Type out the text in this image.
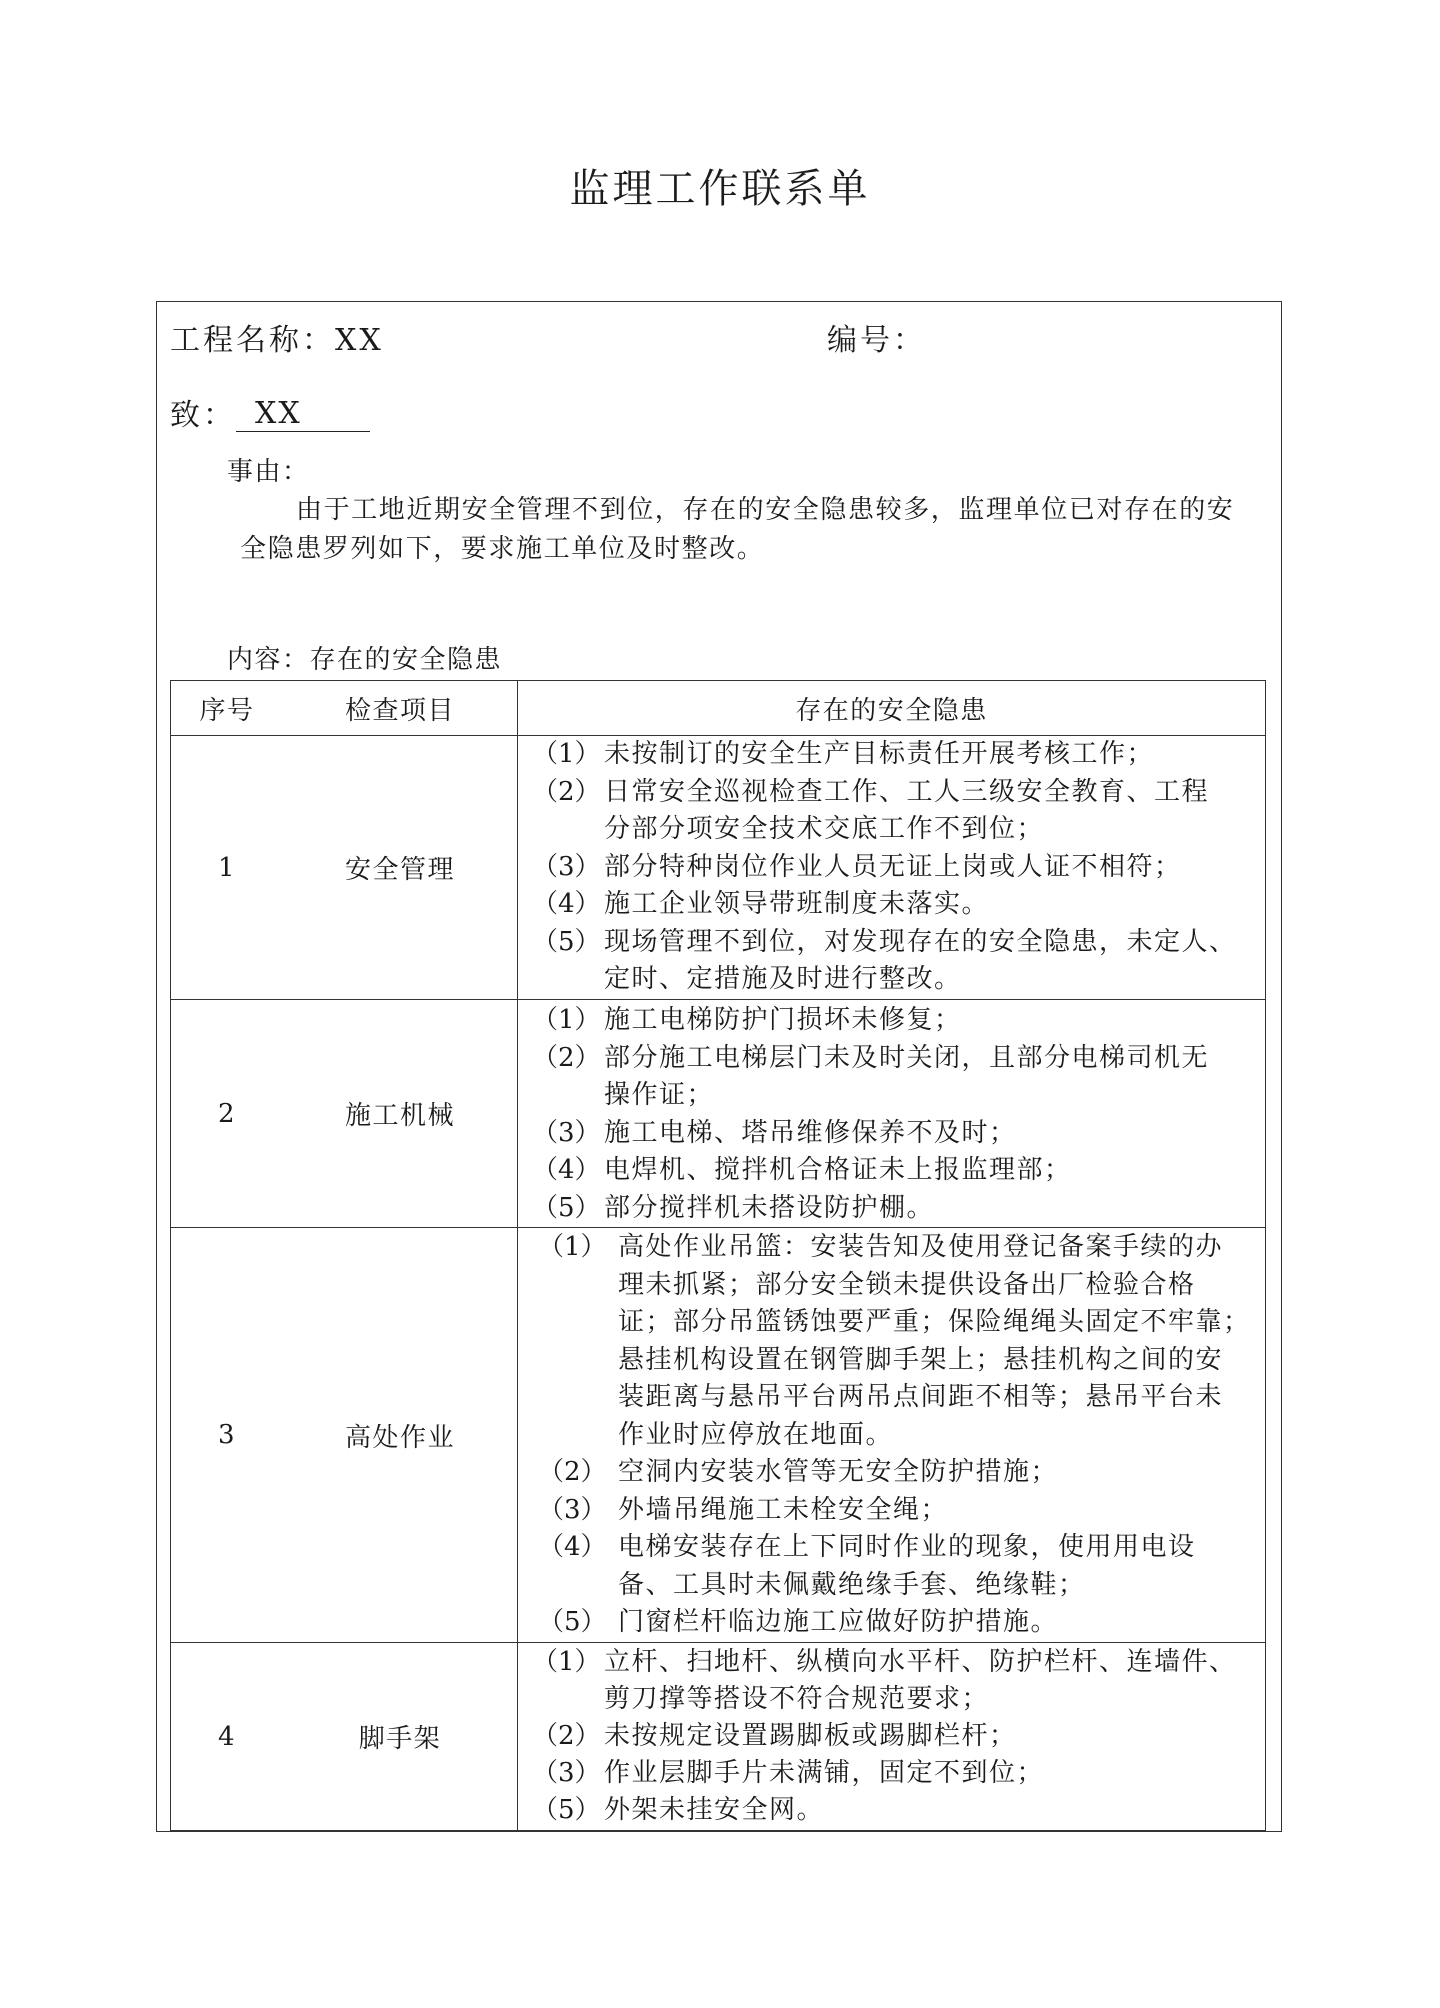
监理工作联系单
工程名称：XX	编号：
致： XX
事由：
由于工地近期安全管理不到位，存在的安全隐患较多，监理单位已对存在的安
全隐患罗列如下，要求施工单位及时整改。
内容：存在的安全隐患
序号	检查项目	存在的安全隐患
1	安全管理
（1） 未按制订的安全生产目标责任开展考核工作；
（2） 日常安全巡视检查工作、工人三级安全教育、工程
分部分项安全技术交底工作不到位；
（3） 部分特种岗位作业人员无证上岗或人证不相符；
（4） 施工企业领导带班制度未落实。
（5） 现场管理不到位，对发现存在的安全隐患，未定人、
定时、定措施及时进行整改。
2	施工机械
（1） 施工电梯防护门损坏未修复；
（2） 部分施工电梯层门未及时关闭，且部分电梯司机无
操作证；
（3） 施工电梯、塔吊维修保养不及时；
（4） 电焊机、搅拌机合格证未上报监理部；
（5） 部分搅拌机未搭设防护棚。
3	高处作业
（1） 高处作业吊篮：安装告知及使用登记备案手续的办
理未抓紧；部分安全锁未提供设备出厂检验合格
证；部分吊篮锈蚀要严重；保险绳绳头固定不牢靠；
悬挂机构设置在钢管脚手架上；悬挂机构之间的安
装距离与悬吊平台两吊点间距不相等；悬吊平台未
作业时应停放在地面。
（2） 空洞内安装水管等无安全防护措施；
（3） 外墙吊绳施工未栓安全绳；
（4） 电梯安装存在上下同时作业的现象，使用用电设
备、工具时未佩戴绝缘手套、绝缘鞋；
（5） 门窗栏杆临边施工应做好防护措施。
4	脚手架
（1） 立杆、扫地杆、纵横向水平杆、防护栏杆、连墙件、
剪刀撑等搭设不符合规范要求；
（2） 未按规定设置踢脚板或踢脚栏杆；
（3） 作业层脚手片未满铺，固定不到位；
（5） 外架未挂安全网。
